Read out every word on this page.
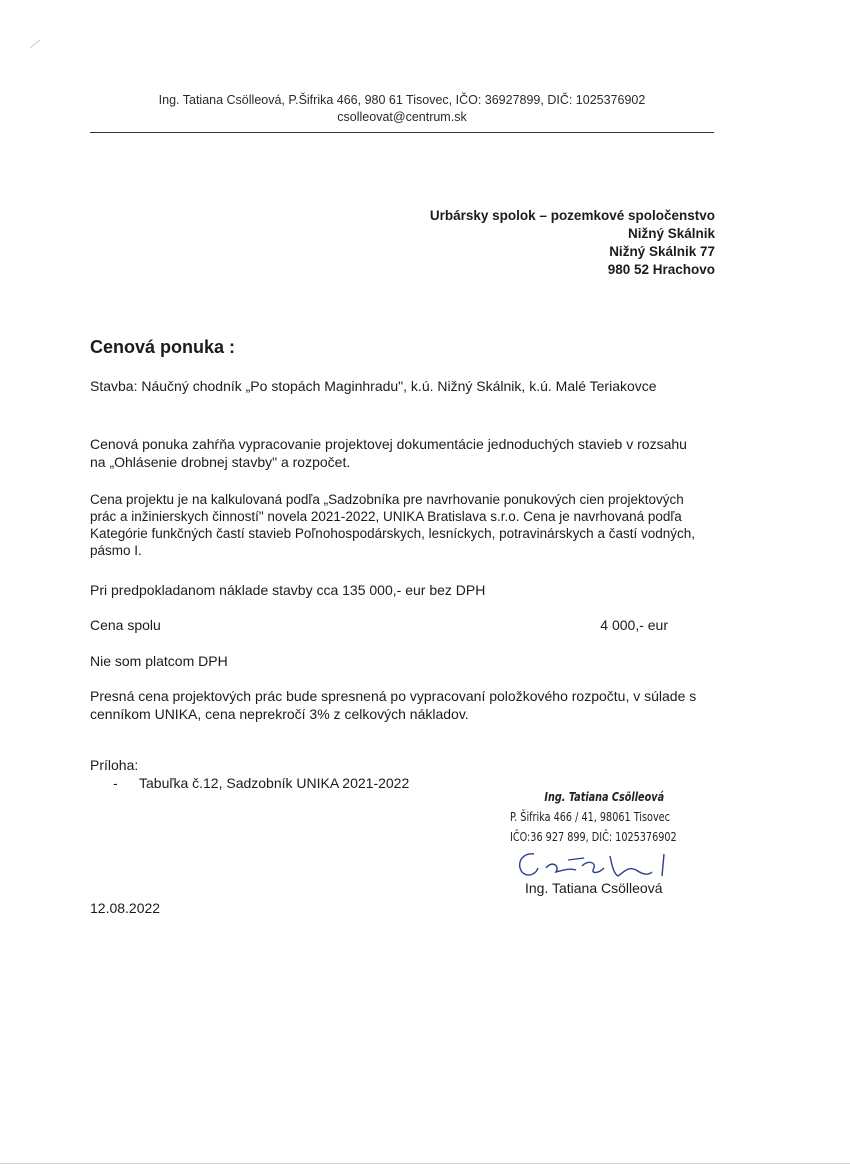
Ing. Tatiana Csölleová, P.Šifrika 466, 980 61 Tisovec, IČO: 36927899, DIČ: 1025376902
csolleovat@centrum.sk
Urbársky spolok – pozemkové spoločenstvo
Nižný Skálnik
Nižný Skálnik 77
980 52 Hrachovo
Cenová ponuka :
Stavba: Náučný chodník „Po stopách Maginhradu", k.ú. Nižný Skálnik, k.ú. Malé Teriakovce
Cenová ponuka zahŕňa vypracovanie projektovej dokumentácie jednoduchých stavieb v rozsahu na „Ohlásenie drobnej stavby" a rozpočet.
Cena projektu je na kalkulovaná podľa „Sadzobníka pre navrhovanie ponukových cien projektových prác a inžinierskych činností" novela 2021-2022, UNIKA Bratislava s.r.o. Cena je navrhovaná podľa Kategórie funkčných častí stavieb Poľnohospodárskych, lesníckych, potravinárskych a častí vodných, pásmo I.
Pri predpokladanom náklade stavby cca 135 000,- eur bez DPH
Cena spolu	4 000,- eur
Nie som platcom DPH
Presná cena projektových prác bude spresnená po vypracovaní položkového rozpočtu, v súlade s cenníkom UNIKA, cena neprekročí 3% z celkových nákladov.
Príloha:
- Tabuľka č.12, Sadzobník UNIKA 2021-2022
Ing. Tatiana Csölleová
P. Šifrika 466 / 41, 98061 Tisovec
IČO:36 927 899, DIČ: 1025376902
Ing. Tatiana Csölleová
12.08.2022
